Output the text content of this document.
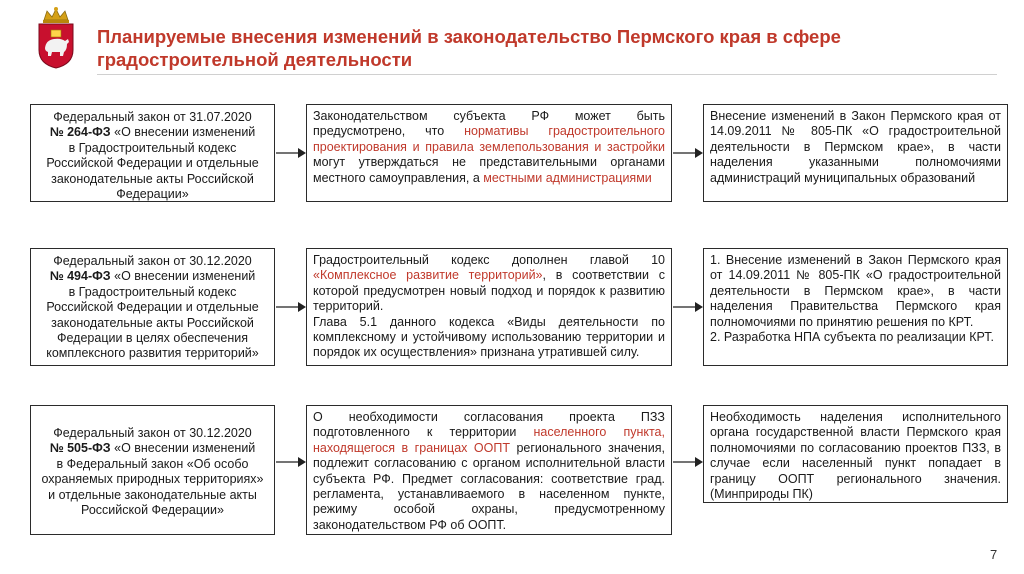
Планируемые внесения изменений в законодательство Пермского края в сфере
градостроительной деятельности
Федеральный закон от 31.07.2020
№ 264-ФЗ «О внесении изменений
в Градостроительный кодекс
Российской Федерации и отдельные
законодательные акты Российской
Федерации»
Законодательством субъекта РФ может быть предусмотрено, что нормативы градостроительного проектирования и правила землепользования и застройки могут утверждаться не представительными органами местного самоуправления, а местными администрациями
Внесение изменений в Закон Пермского края от 14.09.2011 № 805-ПК «О градостроительной деятельности в Пермском крае», в части наделения указанными полномочиями администраций муниципальных образований
Федеральный закон от 30.12.2020
№ 494-ФЗ «О внесении изменений
в Градостроительный кодекс
Российской Федерации и отдельные
законодательные акты Российской
Федерации в целях обеспечения
комплексного развития территорий»
Градостроительный кодекс дополнен главой 10 «Комплексное развитие территорий», в соответствии с которой предусмотрен новый подход и порядок к развитию территорий.
Глава 5.1 данного кодекса «Виды деятельности по комплексному и устойчивому использованию территории и порядок их осуществления» признана утратившей силу.
1. Внесение изменений в Закон Пермского края от 14.09.2011 № 805-ПК «О градостроительной деятельности в Пермском крае», в части наделения Правительства Пермского края полномочиями по принятию решения по КРТ.
2. Разработка НПА субъекта по реализации КРТ.
Федеральный закон от 30.12.2020
№ 505-ФЗ «О внесении изменений
в Федеральный закон «Об особо
охраняемых природных территориях»
и отдельные законодательные акты
Российской Федерации»
О необходимости согласования проекта ПЗЗ подготовленного к территории населенного пункта, находящегося в границах ООПТ регионального значения, подлежит согласованию с органом исполнительной власти субъекта РФ. Предмет согласования: соответствие град. регламента, устанавливаемого в населенном пункте, режиму особой охраны, предусмотренному законодательством РФ об ООПТ.
Необходимость наделения исполнительного органа государственной власти Пермского края полномочиями по согласованию проектов ПЗЗ, в случае если населенный пункт попадает в границу ООПТ регионального значения. (Минприроды ПК)
7
